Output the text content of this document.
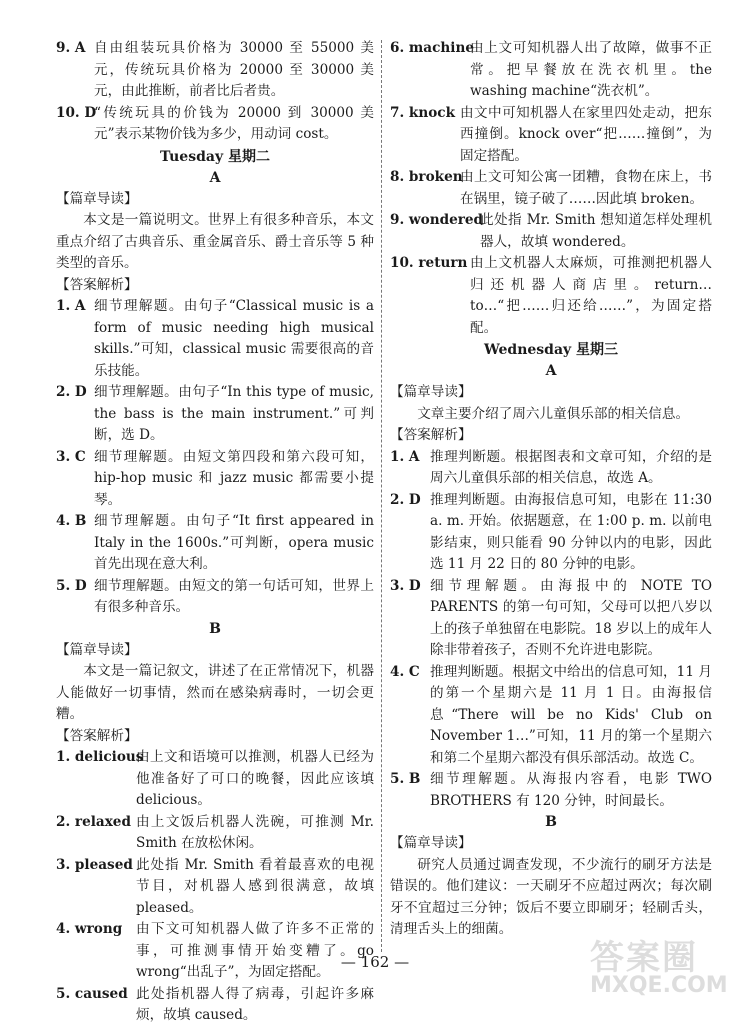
9. A 自由组装玩具价格为 30000 至 55000 美元，传统玩具价格为 20000 至 30000 美元，由此推断，前者比后者贵。
10. D
“传统玩具的价钱为 20000 到 30000 美元”表示某物价钱为多少，用动词 cost。
Tuesday 星期二
A
【篇章导读】
本文是一篇说明文。世界上有很多种音乐，本文重点介绍了古典音乐、重金属音乐、爵士音乐等 5 种类型的音乐。
【答案解析】
1. A 细节理解题。由句子“Classical music is a form of music needing high musical skills.”可知，classical music 需要很高的音乐技能。
2. D 细节理解题。由句子“In this type of music, the bass is the main instrument.”可判断，选 D。
3. C 细节理解题。由短文第四段和第六段可知，hip-hop music 和 jazz music 都需要小提琴。
4. B 细节理解题。由句子“It first appeared in Italy in the 1600s.”可判断，opera music 首先出现在意大利。
5. D 细节理解题。由短文的第一句话可知，世界上有很多种音乐。
B
【篇章导读】
本文是一篇记叙文，讲述了在正常情况下，机器人能做好一切事情，然而在感染病毒时，一切会更糟。
【答案解析】
1. delicious
由上文和语境可以推测，机器人已经为他准备好了可口的晚餐，因此应该填 delicious。
2. relaxed 由上文饭后机器人洗碗，可推测 Mr. Smith 在放松休闲。
3. pleased 此处指 Mr. Smith 看着最喜欢的电视节目，对机器人感到很满意，故填 pleased。
4. wrong	由下文可知机器人做了许多不正常的事，可推测事情开始变糟了。go wrong“出乱子”，为固定搭配。
5. caused 此处指机器人得了病毒，引起许多麻烦，故填 caused。
6. machine
由上文可知机器人出了故障，做事不正常。把早餐放在洗衣机里。the washing machine“洗衣机”。
7. knock 由文中可知机器人在家里四处走动，把东西撞倒。knock over“把……撞倒”，为固定搭配。
8. broken
由上文可知公寓一团糟，食物在床上，书在锅里，镜子破了……因此填 broken。
9. wondered
此处指 Mr. Smith 想知道怎样处理机器人，故填 wondered。
10. return 由上文机器人太麻烦，可推测把机器人归还机器人商店里。return…to…“把……归还给……”，为固定搭配。
Wednesday 星期三
A
【篇章导读】
文章主要介绍了周六儿童俱乐部的相关信息。
【答案解析】
1. A 推理判断题。根据图表和文章可知，介绍的是周六儿童俱乐部的相关信息，故选 A。
2. D 推理判断题。由海报信息可知，电影在 11:30 a. m. 开始。依据题意，在 1:00 p. m. 以前电影结束，则只能看 90 分钟以内的电影，因此选 11 月 22 日的 80 分钟的电影。
3. D 细节理解题。由海报中的 NOTE TO PARENTS 的第一句可知，父母可以把八岁以上的孩子单独留在电影院。18 岁以上的成年人除非带着孩子，否则不允许进电影院。
4. C 推理判断题。根据文中给出的信息可知，11 月的第一个星期六是 11 月 1 日。由海报信息“There will be no Kids' Club on November 1…”可知，11 月的第一个星期六和第二个星期六都没有俱乐部活动。故选 C。
5. B 细节理解题。从海报内容看，电影 TWO BROTHERS 有 120 分钟，时间最长。
B
【篇章导读】
研究人员通过调查发现，不少流行的刷牙方法是错误的。他们建议：一天刷牙不应超过两次；每次刷牙不宜超过三分钟；饭后不要立即刷牙；轻刷舌头，清理舌头上的细菌。
— 162 —	答案圈
MXQE.COM
